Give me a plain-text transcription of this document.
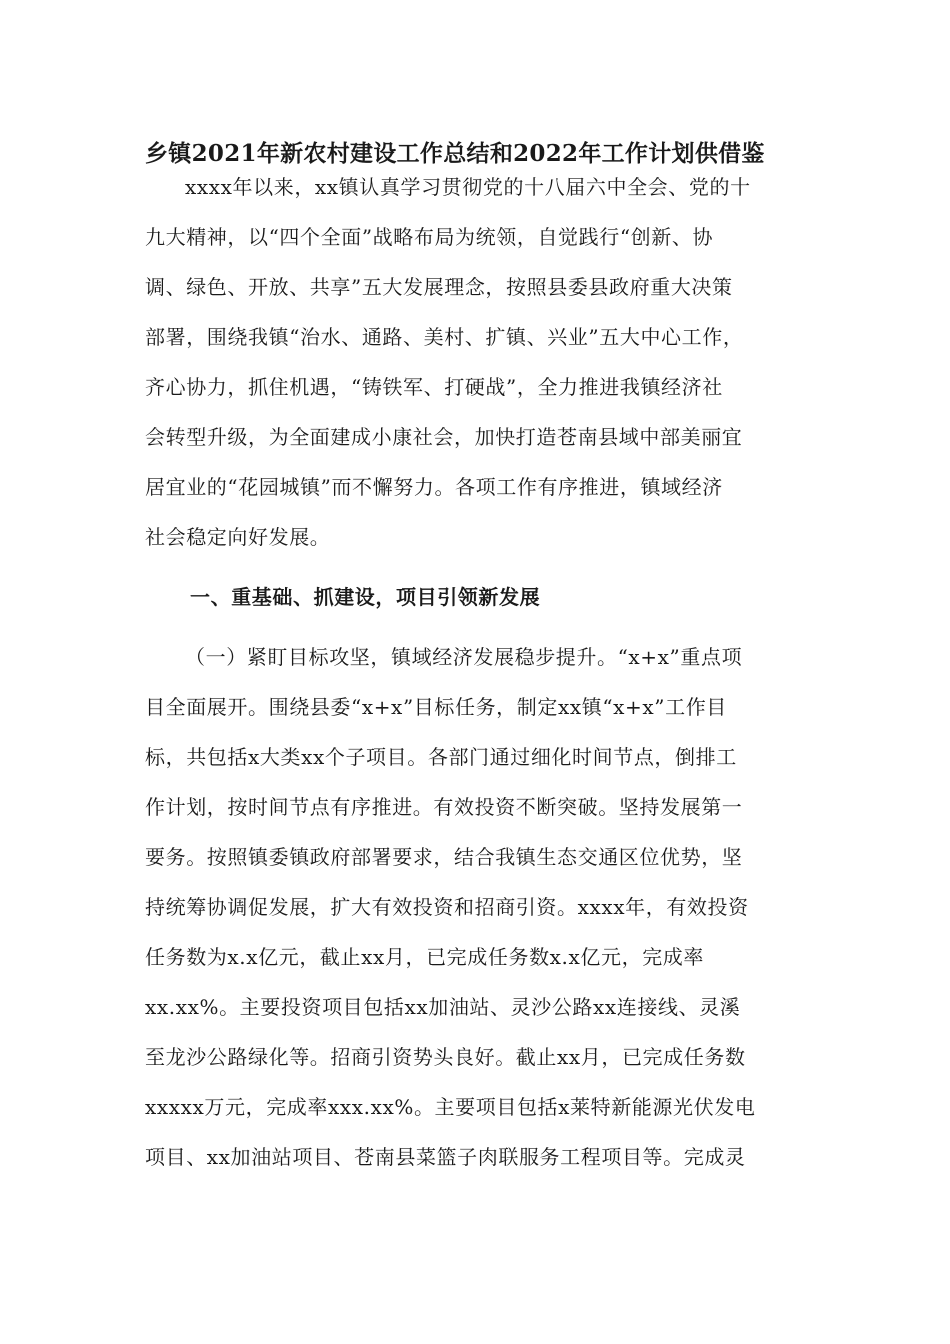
乡镇2021年新农村建设工作总结和2022年工作计划供借鉴
xxxx年以来，xx镇认真学习贯彻党的十八届六中全会、党的十
九大精神，以“四个全面”战略布局为统领，自觉践行“创新、协
调、绿色、开放、共享”五大发展理念，按照县委县政府重大决策
部署，围绕我镇“治水、通路、美村、扩镇、兴业”五大中心工作，
齐心协力，抓住机遇，“铸铁军、打硬战”，全力推进我镇经济社
会转型升级，为全面建成小康社会，加快打造苍南县域中部美丽宜
居宜业的“花园城镇”而不懈努力。各项工作有序推进，镇域经济
社会稳定向好发展。
一、重基础、抓建设，项目引领新发展
（一）紧盯目标攻坚，镇域经济发展稳步提升。“x+x”重点项
目全面展开。围绕县委“x+x”目标任务，制定xx镇“x+x”工作目
标，共包括x大类xx个子项目。各部门通过细化时间节点，倒排工
作计划，按时间节点有序推进。有效投资不断突破。坚持发展第一
要务。按照镇委镇政府部署要求，结合我镇生态交通区位优势，坚
持统筹协调促发展，扩大有效投资和招商引资。xxxx年，有效投资
任务数为x.x亿元，截止xx月，已完成任务数x.x亿元，完成率
xx.xx%。主要投资项目包括xx加油站、灵沙公路xx连接线、灵溪
至龙沙公路绿化等。招商引资势头良好。截止xx月，已完成任务数
xxxxx万元，完成率xxx.xx%。主要项目包括x莱特新能源光伏发电
项目、xx加油站项目、苍南县菜篮子肉联服务工程项目等。完成灵
